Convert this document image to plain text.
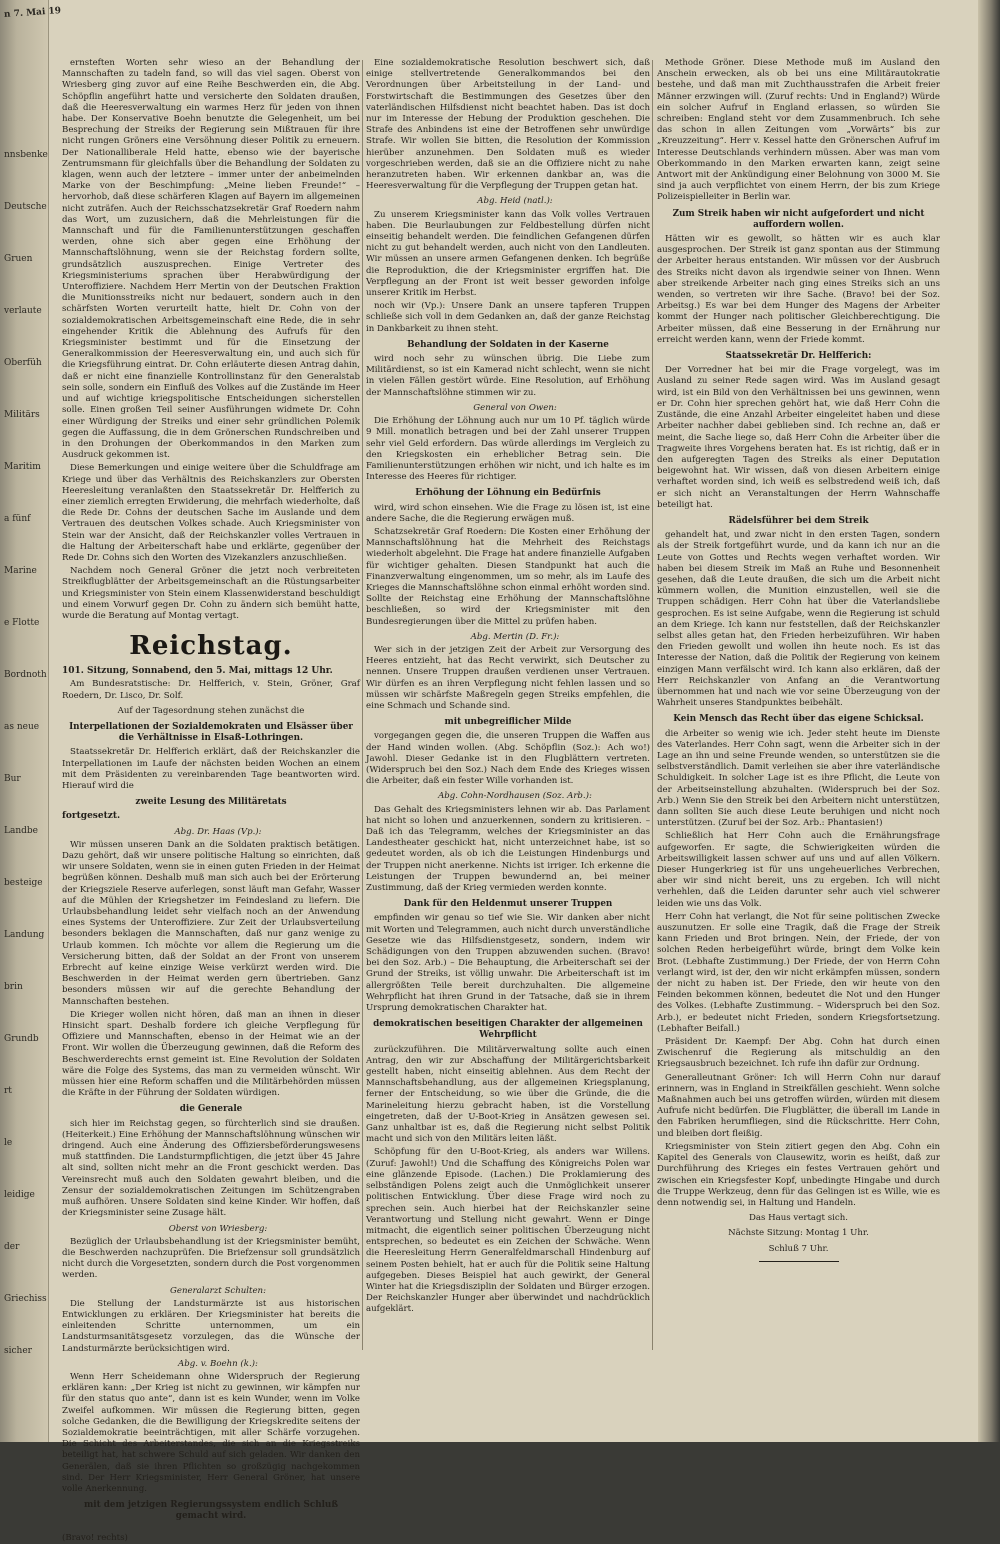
n 7. Mai 19
nnsbenke
Deutsche
Gruen
verlaute
Oberfüh
Militärs
Maritim
a fünf
Marine
e Flotte
Bordnoth
as neue
Bur
Landbe
besteige
Landung
brin
Grundb
rt
le
leidige
der
Griechiss
sicher

ernsteften Worten sehr wieso an der Behandlung der Mannschaften zu tadeln fand, so will das viel sagen. Oberst von Wriesberg ging zuvor auf eine Reihe Beschwerden ein, die Abg. Schöpflin angeführt hatte und versicherte den Soldaten draußen, daß die Heeresverwaltung ein warmes Herz für jeden von ihnen habe. Der Konservative Boehn benutzte die Gelegenheit, um bei Besprechung der Streiks der Regierung sein Mißtrauen für ihre nicht rungen Gröners eine Versöhnung dieser Politik zu erneuern. Der Nationalliberale Held hatte, ebenso wie der bayerische Zentrumsmann für gleichfalls über die Behandlung der Soldaten zu klagen, wenn auch der letztere – immer unter der anbeimelnden Marke von der Beschimpfung: „Meine lieben Freunde!“ – hervorhob, daß diese schärferen Klagen auf Bayern im allgemeinen nicht zuträfen. Auch der Reichsschatzsekretär Graf Roedern nahm das Wort, um zuzusichern, daß die Mehrleistungen für die Mannschaft und für die Familienunterstützungen geschaffen werden, ohne sich aber gegen eine Erhöhung der Mannschaftslöhnung, wenn sie der Reichstag fordern sollte, grundsätzlich auszusprechen. Einige Vertreter des Kriegsministeriums sprachen über Herabwürdigung der Unteroffiziere. Nachdem Herr Mertin von der Deutschen Fraktion die Munitionsstreiks nicht nur bedauert, sondern auch in den schärfsten Worten verurteilt hatte, hielt Dr. Cohn von der sozialdemokratischen Arbeitsgemeinschaft eine Rede, die in sehr eingehender Kritik die Ablehnung des Aufrufs für den Kriegsminister bestimmt und für die Einsetzung der Generalkommission der Heeresverwaltung ein, und auch sich für die Kriegsführung eintrat. Dr. Cohn erläuterte diesen Antrag dahin, daß er nicht eine finanzielle Kontrollinstanz für den Generalstab sein solle, sondern ein Einfluß des Volkes auf die Zustände im Heer und auf wichtige kriegspolitische Entscheidungen sicherstellen solle. Einen großen Teil seiner Ausführungen widmete Dr. Cohn einer Würdigung der Streiks und einer sehr gründlichen Polemik gegen die Auffassung, die in dem Grönerschen Rundschreiben und in den Drohungen der Oberkommandos in den Marken zum Ausdruck gekommen ist.

Diese Bemerkungen und einige weitere über die Schuldfrage am Kriege und über das Verhältnis des Reichskanzlers zur Obersten Heeresleitung veranlaßten den Staatssekretär Dr. Helfferich zu einer ziemlich erregten Erwiderung, die mehrfach wiederholte, daß die Rede Dr. Cohns der deutschen Sache im Auslande und dem Vertrauen des deutschen Volkes schade. Auch Kriegsminister von Stein war der Ansicht, daß der Reichskanzler volles Vertrauen in die Haltung der Arbeiterschaft habe und erklärte, gegenüber der Rede Dr. Cohns sich den Worten des Vizekanzlers anzuschließen.

Nachdem noch General Gröner die jetzt noch verbreiteten Streikflugblätter der Arbeitsgemeinschaft an die Rüstungsarbeiter und Kriegsminister von Stein einem Klassenwiderstand beschuldigt und einem Vorwurf gegen Dr. Cohn zu ändern sich bemüht hatte, wurde die Beratung auf Montag vertagt.

Reichstag.

101. Sitzung, Sonnabend, den 5. Mai, mittags 12 Uhr.

Am Bundesratstische: Dr. Helfferich, v. Stein, Gröner, Graf Roedern, Dr. Lisco, Dr. Solf.

Auf der Tagesordnung stehen zunächst die

Interpellationen der Sozialdemokraten und Elsässer über die Verhältnisse in Elsaß-Lothringen.

Staatssekretär Dr. Helfferich erklärt, daß der Reichskanzler die Interpellationen im Laufe der nächsten beiden Wochen an einem mit dem Präsidenten zu vereinbarenden Tage beantworten wird. Hierauf wird die

zweite Lesung des Militäretats

fortgesetzt.

Abg. Dr. Haas (Vp.):

Wir müssen unseren Dank an die Soldaten praktisch betätigen. Dazu gehört, daß wir unsere politische Haltung so einrichten, daß wir unsere Soldaten, wenn sie in einen guten Frieden in der Heimat begrüßen können. Deshalb muß man sich auch bei der Erörterung der Kriegsziele Reserve auferlegen, sonst läuft man Gefahr, Wasser auf die Mühlen der Kriegshetzer im Feindesland zu liefern. Die Urlaubsbehandlung leidet sehr vielfach noch an der Anwendung eines Systems der Unteroffiziere. Zur Zeit der Urlaubsverteilung besonders beklagen die Mannschaften, daß nur ganz wenige zu Urlaub kommen. Ich möchte vor allem die Regierung um die Versicherung bitten, daß der Soldat an der Front von unserem Erbrecht auf keine einzige Weise verkürzt werden wird. Die Beschwerden in der Heimat werden gern übertrieben. Ganz besonders müssen wir auf die gerechte Behandlung der Mannschaften bestehen.

Die Krieger wollen nicht hören, daß man an ihnen in dieser Hinsicht spart. Deshalb fordere ich gleiche Verpflegung für Offiziere und Mannschaften, ebenso in der Heimat wie an der Front. Wir wollen die Überzeugung gewinnen, daß die Reform des Beschwerderechts ernst gemeint ist. Eine Revolution der Soldaten wäre die Folge des Systems, das man zu vermeiden wünscht. Wir müssen hier eine Reform schaffen und die Militärbehörden müssen die Kräfte in der Führung der Soldaten würdigen.

die Generale

sich hier im Reichstag gegen, so fürchterlich sind sie draußen. (Heiterkeit.) Eine Erhöhung der Mannschaftslöhnung wünschen wir dringend. Auch eine Änderung des Offiziersbeförderungswesens muß stattfinden. Die Landsturmpflichtigen, die jetzt über 45 Jahre alt sind, sollten nicht mehr an die Front geschickt werden. Das Vereinsrecht muß auch den Soldaten gewahrt bleiben, und die Zensur der sozialdemokratischen Zeitungen im Schützengraben muß aufhören. Unsere Soldaten sind keine Kinder. Wir hoffen, daß der Kriegsminister seine Zusage hält.

Oberst von Wriesberg:

Bezüglich der Urlaubsbehandlung ist der Kriegsminister bemüht, die Beschwerden nachzuprüfen. Die Briefzensur soll grundsätzlich nicht durch die Vorgesetzten, sondern durch die Post vorgenommen werden.

Generalarzt Schulten:

Die Stellung der Landsturmärzte ist aus historischen Entwicklungen zu erklären. Der Kriegsminister hat bereits die einleitenden Schritte unternommen, um ein Landsturmsanitätsgesetz vorzulegen, das die Wünsche der Landsturmärzte berücksichtigen wird.

Abg. v. Boehn (k.):

Wenn Herr Scheidemann ohne Widerspruch der Regierung erklären kann: „Der Krieg ist nicht zu gewinnen, wir kämpfen nur für den status quo ante“, dann ist es kein Wunder, wenn im Volke Zweifel aufkommen. Wir müssen die Regierung bitten, gegen solche Gedanken, die die Bewilligung der Kriegskredite seitens der Sozialdemokratie beeinträchtigen, mit aller Schärfe vorzugehen. Die Schicht des Arbeiterstandes, die sich an die Kriegsstreiks beteiligt hat, hat schwere Schuld auf sich geladen. Wir danken den Generälen, daß sie ihren Pflichten so großzügig nachgekommen sind. Der Herr Kriegsminister, Herr General Gröner, hat unsere volle Anerkennung.

mit dem jetzigen Regierungssystem endlich Schluß gemacht wird.

(Bravo! rechts)

Eine sozialdemokratische Resolution beschwert sich, daß einige stellvertretende Generalkommandos bei den Verordnungen über Arbeitsteilung in der Land- und Forstwirtschaft die Bestimmungen des Gesetzes über den vaterländischen Hilfsdienst nicht beachtet haben. Das ist doch nur im Interesse der Hebung der Produktion geschehen. Die Strafe des Anbindens ist eine der Betroffenen sehr unwürdige Strafe. Wir wollen Sie bitten, die Resolution der Kommission hierüber anzunehmen. Den Soldaten muß es wieder vorgeschrieben werden, daß sie an die Offiziere nicht zu nahe heranzutreten haben. Wir erkennen dankbar an, was die Heeresverwaltung für die Verpflegung der Truppen getan hat.

Abg. Heid (natl.):

Zu unserem Kriegsminister kann das Volk volles Vertrauen haben. Die Beurlaubungen zur Feldbestellung dürfen nicht einseitig behandelt werden. Die feindlichen Gefangenen dürfen nicht zu gut behandelt werden, auch nicht von den Landleuten. Wir müssen an unsere armen Gefangenen denken. Ich begrüße die Reproduktion, die der Kriegsminister ergriffen hat. Die Verpflegung an der Front ist weit besser geworden infolge unserer Kritik im Herbst.

noch wir (Vp.): Unsere Dank an unsere tapferen Truppen schließe sich voll in dem Gedanken an, daß der ganze Reichstag in Dankbarkeit zu ihnen steht.

Behandlung der Soldaten in der Kaserne

wird noch sehr zu wünschen übrig. Die Liebe zum Militärdienst, so ist ein Kamerad nicht schlecht, wenn sie nicht in vielen Fällen gestört würde. Eine Resolution, auf Erhöhung der Mannschaftslöhne stimmen wir zu.

General von Owen:

Die Erhöhung der Löhnung auch nur um 10 Pf. täglich würde 9 Mill. monatlich betragen und bei der Zahl unserer Truppen sehr viel Geld erfordern. Das würde allerdings im Vergleich zu den Kriegskosten ein erheblicher Betrag sein. Die Familienunterstützungen erhöhen wir nicht, und ich halte es im Interesse des Heeres für richtiger.

Erhöhung der Löhnung ein Bedürfnis

wird, wird schon einsehen. Wie die Frage zu lösen ist, ist eine andere Sache, die die Regierung erwägen muß.

Schatzsekretär Graf Roedern: Die Kosten einer Erhöhung der Mannschaftslöhnung hat die Mehrheit des Reichstags wiederholt abgelehnt. Die Frage hat andere finanzielle Aufgaben für wichtiger gehalten. Diesen Standpunkt hat auch die Finanzverwaltung eingenommen, um so mehr, als im Laufe des Krieges die Mannschaftslöhne schon einmal erhöht worden sind. Sollte der Reichstag eine Erhöhung der Mannschaftslöhne beschließen, so wird der Kriegsminister mit den Bundesregierungen über die Mittel zu prüfen haben.

Abg. Mertin (D. Fr.):

Wer sich in der jetzigen Zeit der Arbeit zur Versorgung des Heeres entzieht, hat das Recht verwirkt, sich Deutscher zu nennen. Unsere Truppen draußen verdienen unser Vertrauen. Wir dürfen es an ihren Verpflegung nicht fehlen lassen und so müssen wir schärfste Maßregeln gegen Streiks empfehlen, die eine Schmach und Schande sind.

mit unbegreiflicher Milde

vorgegangen gegen die, die unseren Truppen die Waffen aus der Hand winden wollen. (Abg. Schöpflin (Soz.): Ach wo!) Jawohl. Dieser Gedanke ist in den Flugblättern vertreten. (Widerspruch bei den Soz.) Nach dem Ende des Krieges wissen die Arbeiter, daß ein fester Wille vorhanden ist.

Abg. Cohn-Nordhausen (Soz. Arb.):

Das Gehalt des Kriegsministers lehnen wir ab. Das Parlament hat nicht so lohen und anzuerkennen, sondern zu kritisieren. – Daß ich das Telegramm, welches der Kriegsminister an das Landestheater geschickt hat, nicht unterzeichnet habe, ist so gedeutet worden, als ob ich die Leistungen Hindenburgs und der Truppen nicht anerkenne. Nichts ist irriger. Ich erkenne die Leistungen der Truppen bewundernd an, bei meiner Zustimmung, daß der Krieg vermieden werden konnte.

Dank für den Heldenmut unserer Truppen

empfinden wir genau so tief wie Sie. Wir danken aber nicht mit Worten und Telegrammen, auch nicht durch unverständliche Gesetze wie das Hilfsdienstgesetz, sondern, indem wir Schädigungen von den Truppen abzuwenden suchen. (Bravo! bei den Soz. Arb.) – Die Behauptung, die Arbeiterschaft sei der Grund der Streiks, ist völlig unwahr. Die Arbeiterschaft ist im allergrößten Teile bereit durchzuhalten. Die allgemeine Wehrpflicht hat ihren Grund in der Tatsache, daß sie in ihrem Ursprung demokratischen Charakter hat.

demokratischen beseitigen Charakter der allgemeinen Wehrpflicht

zurückzuführen. Die Militärverwaltung sollte auch einen Antrag, den wir zur Abschaffung der Militärgerichtsbarkeit gestellt haben, nicht einseitig ablehnen. Aus dem Recht der Mannschaftsbehandlung, aus der allgemeinen Kriegsplanung, ferner der Entscheidung, so wie über die Gründe, die die Marineleitung hierzu gebracht haben, ist die Vorstellung eingetreten, daß der U-Boot-Krieg in Ansätzen gewesen sei. Ganz unhaltbar ist es, daß die Regierung nicht selbst Politik macht und sich von den Militärs leiten läßt.

Schöpfung für den U-Boot-Krieg, als anders war Willens. (Zuruf: Jawohl!) Und die Schaffung des Königreichs Polen war eine glänzende Episode. (Lachen.) Die Proklamierung des selbständigen Polens zeigt auch die Unmöglichkeit unserer politischen Entwicklung. Über diese Frage wird noch zu sprechen sein. Auch hierbei hat der Reichskanzler seine Verantwortung und Stellung nicht gewahrt. Wenn er Dinge mitmacht, die eigentlich seiner politischen Überzeugung nicht entsprechen, so bedeutet es ein Zeichen der Schwäche. Wenn die Heeresleitung Herrn Generalfeldmarschall Hindenburg auf seinem Posten behielt, hat er auch für die Politik seine Haltung aufgegeben. Dieses Beispiel hat auch gewirkt, der General Winter hat die Kriegsdisziplin der Soldaten und Bürger erzogen. Der Reichskanzler Hunger aber überwindet und nachdrücklich aufgeklärt.

Methode Gröner. Diese Methode muß im Ausland den Anschein erwecken, als ob bei uns eine Militärautokratie bestehe, und daß man mit Zuchthausstrafen die Arbeit freier Männer erzwingen will. (Zuruf rechts: Und in England?) Würde ein solcher Aufruf in England erlassen, so würden Sie schreiben: England steht vor dem Zusammenbruch. Ich sehe das schon in allen Zeitungen vom „Vorwärts“ bis zur „Kreuzzeitung“. Herr v. Kessel hatte den Grönerschen Aufruf im Interesse Deutschlands verhindern müssen. Aber was man vom Oberkommando in den Marken erwarten kann, zeigt seine Antwort mit der Ankündigung einer Belohnung von 3000 M. Sie sind ja auch verpflichtet von einem Herrn, der bis zum Kriege Polizeispielleiter in Berlin war.

Zum Streik haben wir nicht aufgefordert und nicht auffordern wollen.

Hätten wir es gewollt, so hätten wir es auch klar ausgesprochen. Der Streik ist ganz spontan aus der Stimmung der Arbeiter heraus entstanden. Wir müssen vor der Ausbruch des Streiks nicht davon als irgendwie seiner von Ihnen. Wenn aber streikende Arbeiter nach ging eines Streiks sich an uns wenden, so vertreten wir ihre Sache. (Bravo! bei der Soz. Arbeitsg.) Es war bei dem Hunger des Magens der Arbeiter kommt der Hunger nach politischer Gleichberechtigung. Die Arbeiter müssen, daß eine Besserung in der Ernährung nur erreicht werden kann, wenn der Friede kommt.

Staatssekretär Dr. Helfferich:

Der Vorredner hat bei mir die Frage vorgelegt, was im Ausland zu seiner Rede sagen wird. Was im Ausland gesagt wird, ist ein Bild von den Verhältnissen bei uns gewinnen, wenn er Dr. Cohn hier sprechen gehört hat, wie daß Herr Cohn die Zustände, die eine Anzahl Arbeiter eingeleitet haben und diese Arbeiter nachher dabei geblieben sind. Ich rechne an, daß er meint, die Sache liege so, daß Herr Cohn die Arbeiter über die Tragweite ihres Vorgehens beraten hat. Es ist richtig, daß er in den aufgeregten Tagen des Streiks als einer Deputation beigewohnt hat. Wir wissen, daß von diesen Arbeitern einige verhaftet worden sind, ich weiß es selbstredend weiß ich, daß er sich nicht an Veranstaltungen der Herrn Wahnschaffe beteiligt hat.

Rädelsführer bei dem Streik

gehandelt hat, und zwar nicht in den ersten Tagen, sondern als der Streik fortgeführt wurde, und da kann ich nur an die Leute von Gottes und Rechts wegen verhaftet worden. Wir haben bei diesem Streik im Maß an Ruhe und Besonnenheit gesehen, daß die Leute draußen, die sich um die Arbeit nicht kümmern wollen, die Munition einzustellen, weil sie die Truppen schädigen. Herr Cohn hat über die Vaterlandsliebe gesprochen. Es ist seine Aufgabe, wenn die Regierung ist schuld an dem Kriege. Ich kann nur feststellen, daß der Reichskanzler selbst alles getan hat, den Frieden herbeizuführen. Wir haben den Frieden gewollt und wollen ihn heute noch. Es ist das Interesse der Nation, daß die Politik der Regierung von keinem einzigen Mann verfälscht wird. Ich kann also erklären, daß der Herr Reichskanzler von Anfang an die Verantwortung übernommen hat und nach wie vor seine Überzeugung von der Wahrheit unseres Standpunktes beibehält.

Kein Mensch das Recht über das eigene Schicksal.

die Arbeiter so wenig wie ich. Jeder steht heute im Dienste des Vaterlandes. Herr Cohn sagt, wenn die Arbeiter sich in der Lage an ihn und seine Freunde wenden, so unterstützen sie die selbstverständlich. Damit verleihen sie aber ihre vaterländische Schuldigkeit. In solcher Lage ist es ihre Pflicht, die Leute von der Arbeitseinstellung abzuhalten. (Widerspruch bei der Soz. Arb.) Wenn Sie den Streik bei den Arbeitern nicht unterstützen, dann sollten Sie auch diese Leute beruhigen und nicht noch unterstützen. (Zuruf bei der Soz. Arb.: Phantasien!)

Schließlich hat Herr Cohn auch die Ernährungsfrage aufgeworfen. Er sagte, die Schwierigkeiten würden die Arbeitswilligkeit lassen schwer auf uns und auf allen Völkern. Dieser Hungerkrieg ist für uns ungeheuerliches Verbrechen, aber wir sind nicht bereit, uns zu ergeben. Ich will nicht verhehlen, daß die Leiden darunter sehr auch viel schwerer leiden wie uns das Volk.

Herr Cohn hat verlangt, die Not für seine politischen Zwecke auszunutzen. Er solle eine Tragik, daß die Frage der Streik kann Frieden und Brot bringen. Nein, der Friede, der von solchen Reden herbeigeführt würde, bringt dem Volke kein Brot. (Lebhafte Zustimmung.) Der Friede, der von Herrn Cohn verlangt wird, ist der, den wir nicht erkämpfen müssen, sondern der nicht zu haben ist. Der Friede, den wir heute von den Feinden bekommen können, bedeutet die Not und den Hunger des Volkes. (Lebhafte Zustimmung. – Widerspruch bei den Soz. Arb.), er bedeutet nicht Frieden, sondern Kriegsfortsetzung. (Lebhafter Beifall.)

Präsident Dr. Kaempf: Der Abg. Cohn hat durch einen Zwischenruf die Regierung als mitschuldig an den Kriegsausbruch bezeichnet. Ich rufe ihn dafür zur Ordnung.

Generalleutnant Gröner: Ich will Herrn Cohn nur darauf erinnern, was in England in Streikfällen geschieht. Wenn solche Maßnahmen auch bei uns getroffen würden, würden mit diesem Aufrufe nicht bedürfen. Die Flugblätter, die überall im Lande in den Fabriken herumfliegen, sind die Rückschritte. Herr Cohn, und bleiben dort fleißig.

Kriegsminister von Stein zitiert gegen den Abg. Cohn ein Kapitel des Generals von Clausewitz, worin es heißt, daß zur Durchführung des Krieges ein festes Vertrauen gehört und zwischen ein Kriegsfester Kopf, unbedingte Hingabe und durch die Truppe Werkzeug, denn für das Gelingen ist es Wille, wie es denn notwendig sei, in Haltung und Handeln.

Das Haus vertagt sich.

Nächste Sitzung: Montag 1 Uhr.

Schluß 7 Uhr.
